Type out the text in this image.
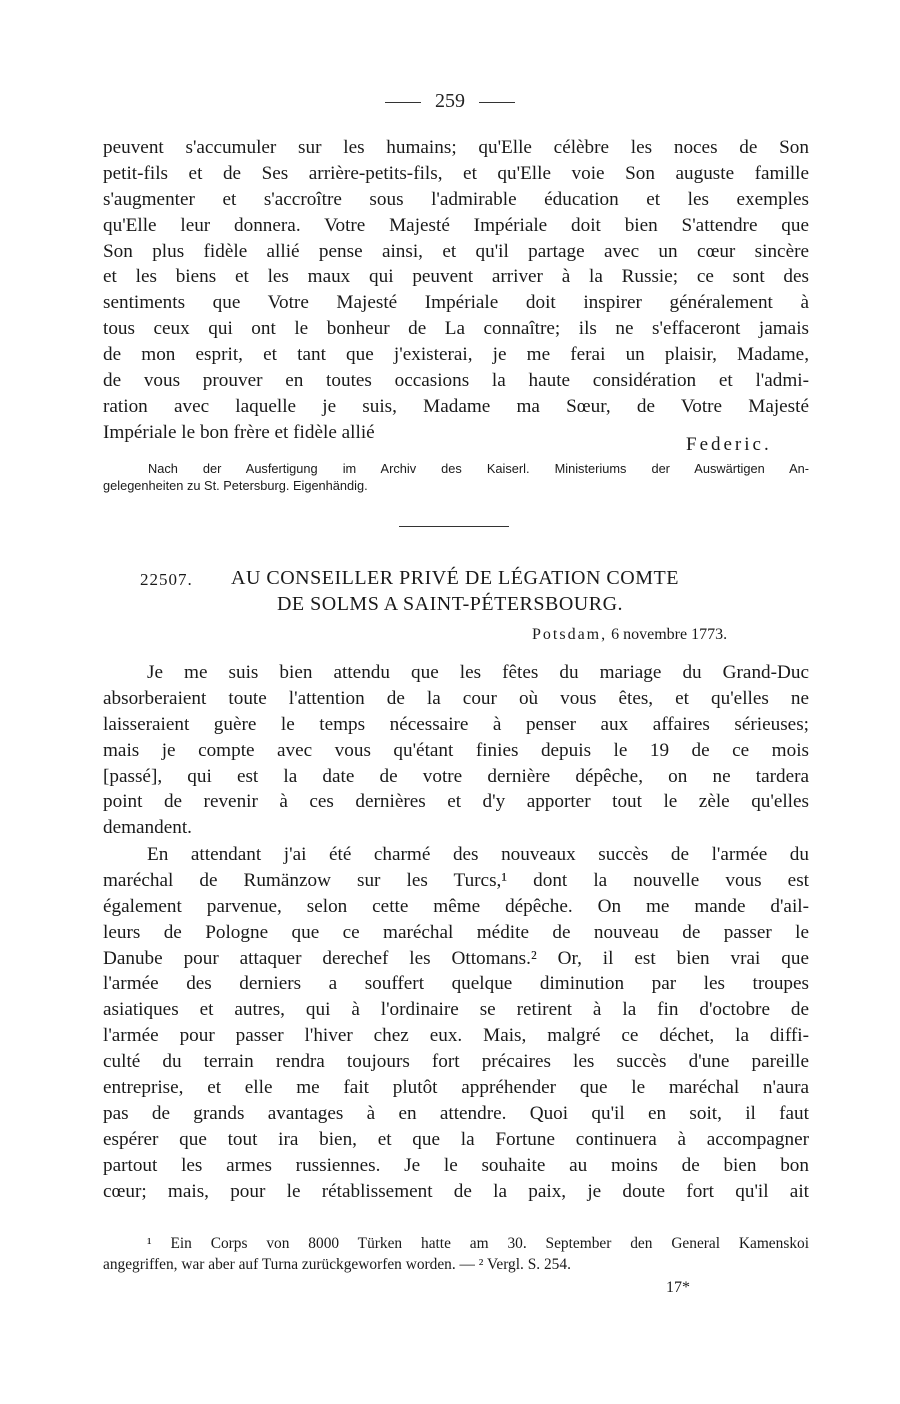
259
peuvent s'accumuler sur les humains; qu'Elle célèbre les noces de Son
petit-fils et de Ses arrière-petits-fils, et qu'Elle voie Son auguste famille
s'augmenter et s'accroître sous l'admirable éducation et les exemples
qu'Elle leur donnera. Votre Majesté Impériale doit bien S'attendre que
Son plus fidèle allié pense ainsi, et qu'il partage avec un cœur sincère
et les biens et les maux qui peuvent arriver à la Russie; ce sont des
sentiments que Votre Majesté Impériale doit inspirer généralement à
tous ceux qui ont le bonheur de La connaître; ils ne s'effaceront jamais
de mon esprit, et tant que j'existerai, je me ferai un plaisir, Madame,
de vous prouver en toutes occasions la haute considération et l'admi-
ration avec laquelle je suis, Madame ma Sœur, de Votre Majesté
Impériale le bon frère et fidèle allié
Federic.
Nach der Ausfertigung im Archiv des Kaiserl. Ministeriums der Auswärtigen An-
gelegenheiten zu St. Petersburg. Eigenhändig.
22507. AU CONSEILLER PRIVÉ DE LÉGATION COMTE
DE SOLMS A SAINT-PÉTERSBOURG.
Potsdam, 6 novembre 1773.
Je me suis bien attendu que les fêtes du mariage du Grand-Duc
absorberaient toute l'attention de la cour où vous êtes, et qu'elles ne
laisseraient guère le temps nécessaire à penser aux affaires sérieuses;
mais je compte avec vous qu'étant finies depuis le 19 de ce mois
[passé], qui est la date de votre dernière dépêche, on ne tardera
point de revenir à ces dernières et d'y apporter tout le zèle qu'elles
demandent.
En attendant j'ai été charmé des nouveaux succès de l'armée du
maréchal de Rumänzow sur les Turcs,¹ dont la nouvelle vous est
également parvenue, selon cette même dépêche. On me mande d'ail-
leurs de Pologne que ce maréchal médite de nouveau de passer le
Danube pour attaquer derechef les Ottomans.² Or, il est bien vrai que
l'armée des derniers a souffert quelque diminution par les troupes
asiatiques et autres, qui à l'ordinaire se retirent à la fin d'octobre de
l'armée pour passer l'hiver chez eux. Mais, malgré ce déchet, la diffi-
culté du terrain rendra toujours fort précaires les succès d'une pareille
entreprise, et elle me fait plutôt appréhender que le maréchal n'aura
pas de grands avantages à en attendre. Quoi qu'il en soit, il faut
espérer que tout ira bien, et que la Fortune continuera à accompagner
partout les armes russiennes. Je le souhaite au moins de bien bon
cœur; mais, pour le rétablissement de la paix, je doute fort qu'il ait
¹ Ein Corps von 8000 Türken hatte am 30. September den General Kamenskoi
angegriffen, war aber auf Turna zurückgeworfen worden. — ² Vergl. S. 254.
17*
